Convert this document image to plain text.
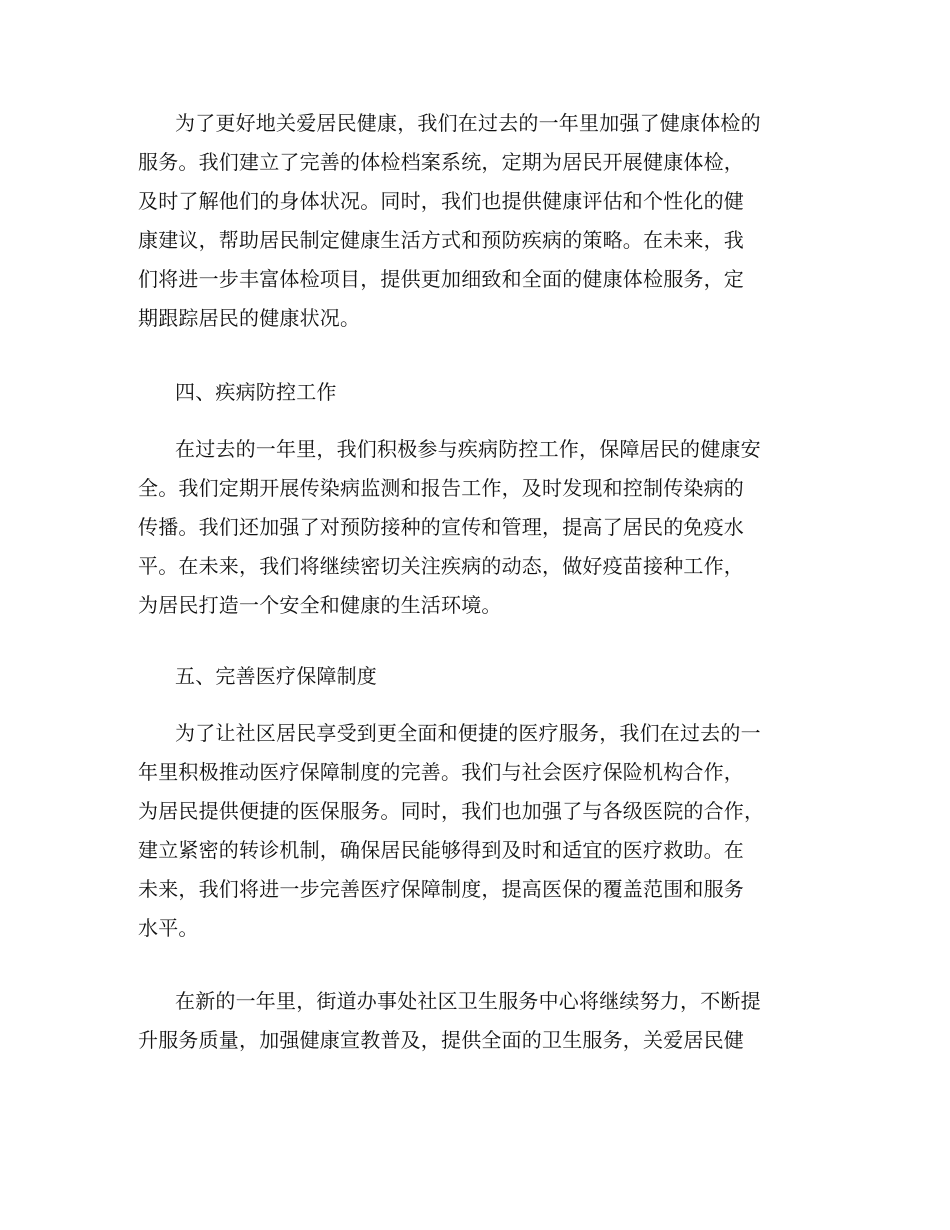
为了更好地关爱居民健康，我们在过去的一年里加强了健康体检的
服务。我们建立了完善的体检档案系统，定期为居民开展健康体检，
及时了解他们的身体状况。同时，我们也提供健康评估和个性化的健
康建议，帮助居民制定健康生活方式和预防疾病的策略。在未来，我
们将进一步丰富体检项目，提供更加细致和全面的健康体检服务，定
期跟踪居民的健康状况。
四、疾病防控工作
在过去的一年里，我们积极参与疾病防控工作，保障居民的健康安
全。我们定期开展传染病监测和报告工作，及时发现和控制传染病的
传播。我们还加强了对预防接种的宣传和管理，提高了居民的免疫水
平。在未来，我们将继续密切关注疾病的动态，做好疫苗接种工作，
为居民打造一个安全和健康的生活环境。
五、完善医疗保障制度
为了让社区居民享受到更全面和便捷的医疗服务，我们在过去的一
年里积极推动医疗保障制度的完善。我们与社会医疗保险机构合作，
为居民提供便捷的医保服务。同时，我们也加强了与各级医院的合作，
建立紧密的转诊机制，确保居民能够得到及时和适宜的医疗救助。在
未来，我们将进一步完善医疗保障制度，提高医保的覆盖范围和服务
水平。
在新的一年里，街道办事处社区卫生服务中心将继续努力，不断提
升服务质量，加强健康宣教普及，提供全面的卫生服务，关爱居民健
